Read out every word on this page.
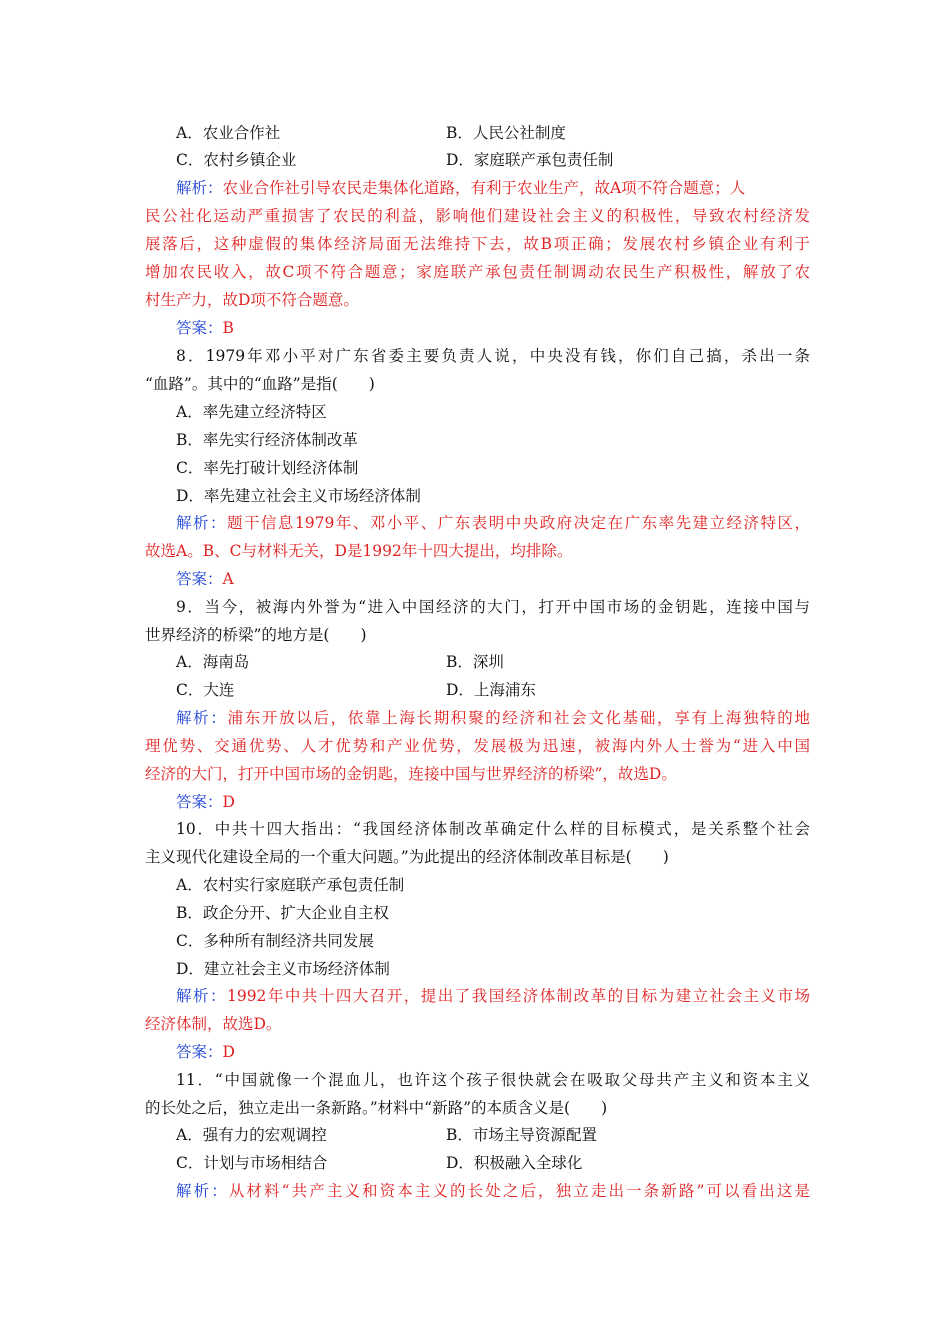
A．农业合作社	B．人民公社制度
C．农村乡镇企业	D．家庭联产承包责任制
解析：农业合作社引导农民走集体化道路，有利于农业生产，故A项不符合题意；人
民公社化运动严重损害了农民的利益，影响他们建设社会主义的积极性，导致农村经济发
展落后，这种虚假的集体经济局面无法维持下去，故B项正确；发展农村乡镇企业有利于
增加农民收入，故C项不符合题意；家庭联产承包责任制调动农民生产积极性，解放了农
村生产力，故D项不符合题意。
答案：B
8．1979年邓小平对广东省委主要负责人说，中央没有钱，你们自己搞，杀出一条
“血路”。其中的“血路”是指(　　)
A．率先建立经济特区
B．率先实行经济体制改革
C．率先打破计划经济体制
D．率先建立社会主义市场经济体制
解析：题干信息1979年、邓小平、广东表明中央政府决定在广东率先建立经济特区，
故选A。B、C与材料无关，D是1992年十四大提出，均排除。
答案：A
9．当今，被海内外誉为“进入中国经济的大门，打开中国市场的金钥匙，连接中国与
世界经济的桥梁”的地方是(　　)
A．海南岛	B．深圳
C．大连	D．上海浦东
解析：浦东开放以后，依靠上海长期积聚的经济和社会文化基础，享有上海独特的地
理优势、交通优势、人才优势和产业优势，发展极为迅速，被海内外人士誉为“进入中国
经济的大门，打开中国市场的金钥匙，连接中国与世界经济的桥梁”，故选D。
答案：D
10．中共十四大指出：“我国经济体制改革确定什么样的目标模式，是关系整个社会
主义现代化建设全局的一个重大问题。”为此提出的经济体制改革目标是(　　)
A．农村实行家庭联产承包责任制
B．政企分开、扩大企业自主权
C．多种所有制经济共同发展
D．建立社会主义市场经济体制
解析：1992年中共十四大召开，提出了我国经济体制改革的目标为建立社会主义市场
经济体制，故选D。
答案：D
11．“中国就像一个混血儿，也许这个孩子很快就会在吸取父母共产主义和资本主义
的长处之后，独立走出一条新路。”材料中“新路”的本质含义是(　　)
A．强有力的宏观调控	B．市场主导资源配置
C．计划与市场相结合	D．积极融入全球化
解析：从材料“共产主义和资本主义的长处之后，独立走出一条新路”可以看出这是
